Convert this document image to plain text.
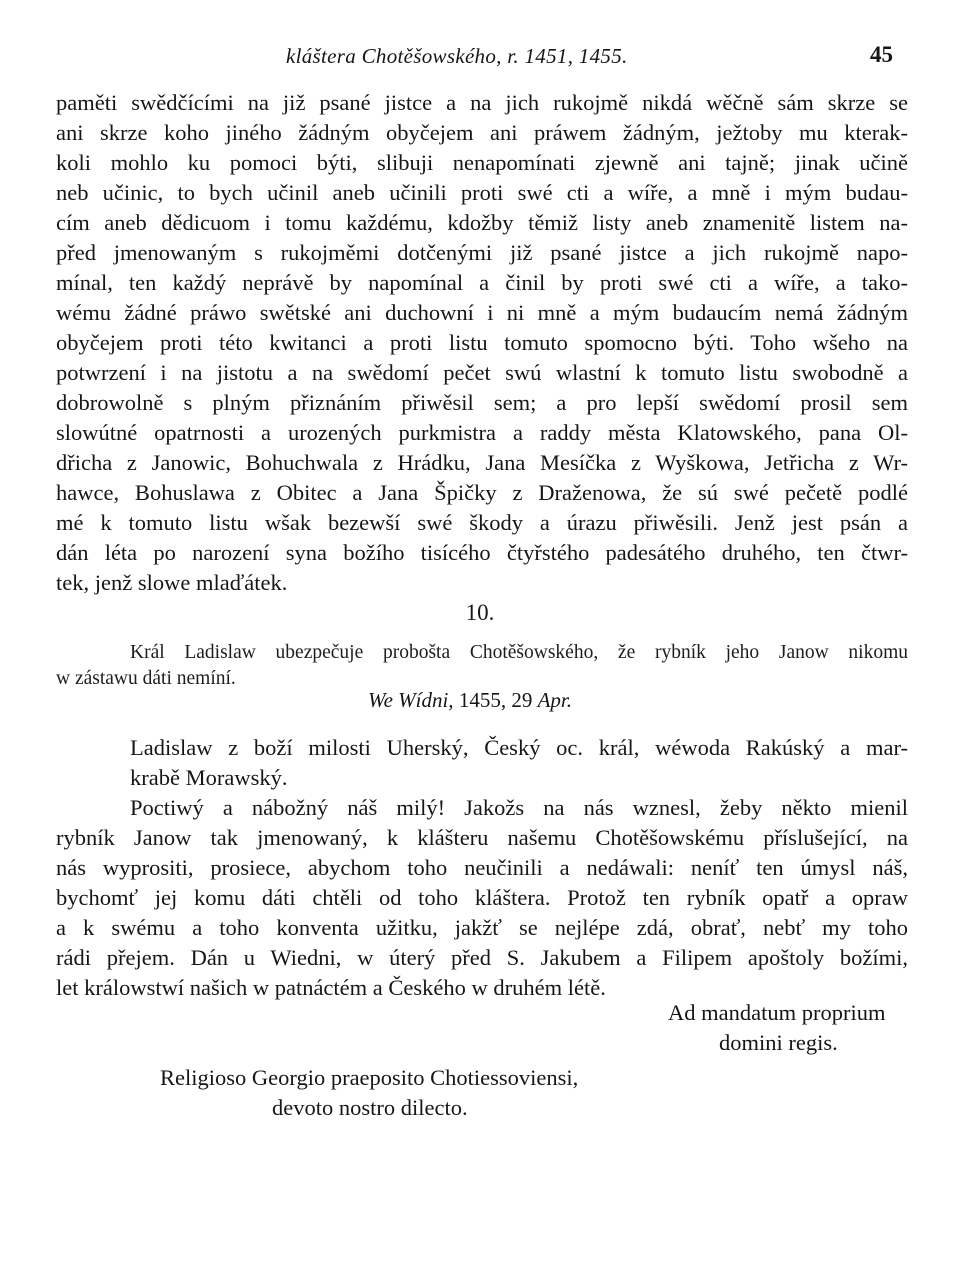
kláštera Chotěšowského, r. 1451, 1455.	45
paměti swědčícími na již psané jistce a na jich rukojmě nikdá wěčně sám skrze se
ani skrze koho jiného žádným obyčejem ani práwem žádným, ježtoby mu kterak-
koli mohlo ku pomoci býti, slibuji nenapomínati zjewně ani tajně; jinak učině
neb učinic, to bych učinil aneb učinili proti swé cti a wíře, a mně i mým budau-
cím aneb dědicuom i tomu každému, kdožby těmiž listy aneb znamenitě listem na-
před jmenowaným s rukojměmi dotčenými již psané jistce a jich rukojmě napo-
mínal, ten každý neprávě by napomínal a činil by proti swé cti a wíře, a tako-
wému žádné práwo swětské ani duchowní i ni mně a mým budaucím nemá žádným
obyčejem proti této kwitanci a proti listu tomuto spomocno býti. Toho wšeho na
potwrzení i na jistotu a na swědomí pečet swú wlastní k tomuto listu swobodně a
dobrowolně s plným přiznáním přiwěsil sem; a pro lepší swědomí prosil sem
slowútné opatrnosti a urozených purkmistra a raddy města Klatowského, pana Ol-
dřicha z Janowic, Bohuchwala z Hrádku, Jana Mesíčka z Wyškowa, Jetřicha z Wr-
hawce, Bohuslawa z Obitec a Jana Špičky z Draženowa, že sú swé pečetě podlé
mé k tomuto listu wšak bezewší swé škody a úrazu přiwěsili. Jenž jest psán a
dán léta po narození syna božího tisícého čtyřstého padesátého druhého, ten čtwr-
tek, jenž slowe mlaďátek.
10.
Král Ladislaw ubezpečuje probošta Chotěšowského, že rybník jeho Janow nikomu
w zástawu dáti nemíní.
We Wídni, 1455, 29 Apr.
Ladislaw z boží milosti Uherský, Český oc. král, wéwoda Rakúský a mar-
krabě Morawský.
Poctiwý a nábožný náš milý! Jakožs na nás wznesl, žeby někto mienil
rybník Janow tak jmenowaný, k klášteru našemu Chotěšowskému příslušející, na
nás wyprositi, prosiece, abychom toho neučinili a nedáwali: neníť ten úmysl náš,
bychomť jej komu dáti chtěli od toho kláštera. Protož ten rybník opatř a opraw
a k swému a toho konventa užitku, jakžť se nejlépe zdá, obrať, nebť my toho
rádi přejem. Dán u Wiedni, w úterý před S. Jakubem a Filipem apoštoly božími,
let králowstwí našich w patnáctém a Českého w druhém létě.
Ad mandatum proprium
domini regis.
Religioso Georgio praeposito Chotiessoviensi,
devoto nostro dilecto.
